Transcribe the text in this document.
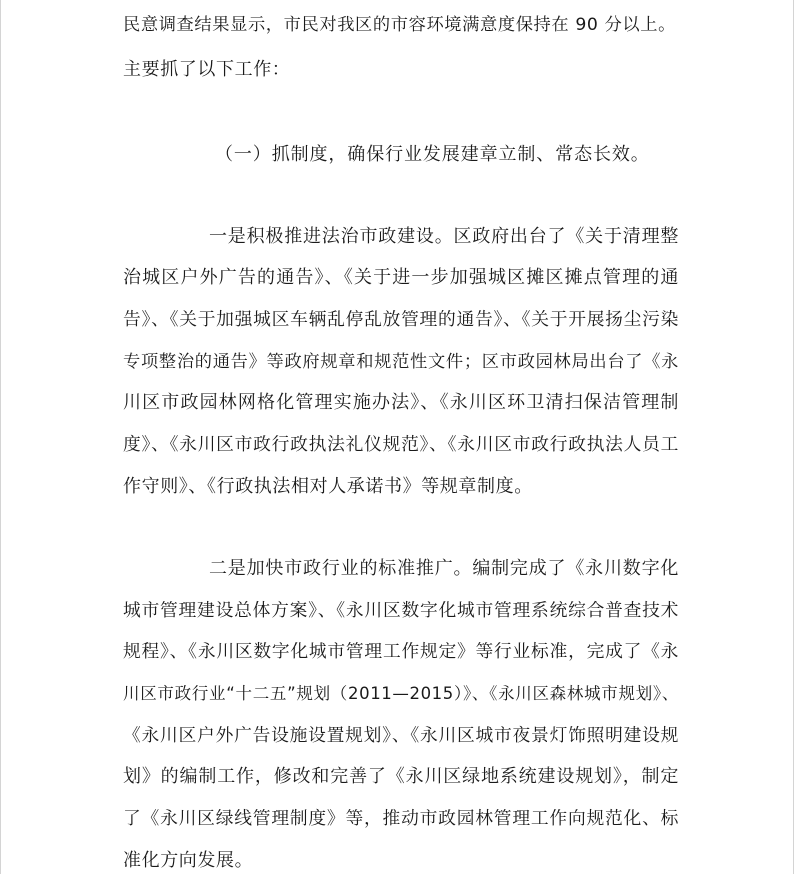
民意调查结果显示，市民对我区的市容环境满意度保持在 90 分以上。
主要抓了以下工作：
（一）抓制度，确保行业发展建章立制、常态长效。
一是积极推进法治市政建设。区政府出台了《关于清理整
治城区户外广告的通告》、《关于进一步加强城区摊区摊点管理的通
告》、《关于加强城区车辆乱停乱放管理的通告》、《关于开展扬尘污染
专项整治的通告》等政府规章和规范性文件；区市政园林局出台了《永
川区市政园林网格化管理实施办法》、《永川区环卫清扫保洁管理制
度》、《永川区市政行政执法礼仪规范》、《永川区市政行政执法人员工
作守则》、《行政执法相对人承诺书》等规章制度。
二是加快市政行业的标准推广。编制完成了《永川数字化
城市管理建设总体方案》、《永川区数字化城市管理系统综合普查技术
规程》、《永川区数字化城市管理工作规定》等行业标准，完成了《永
川区市政行业“十二五”规划（2011—2015）》、《永川区森林城市规划》、
《永川区户外广告设施设置规划》、《永川区城市夜景灯饰照明建设规
划》的编制工作，修改和完善了《永川区绿地系统建设规划》，制定
了《永川区绿线管理制度》等，推动市政园林管理工作向规范化、标
准化方向发展。
